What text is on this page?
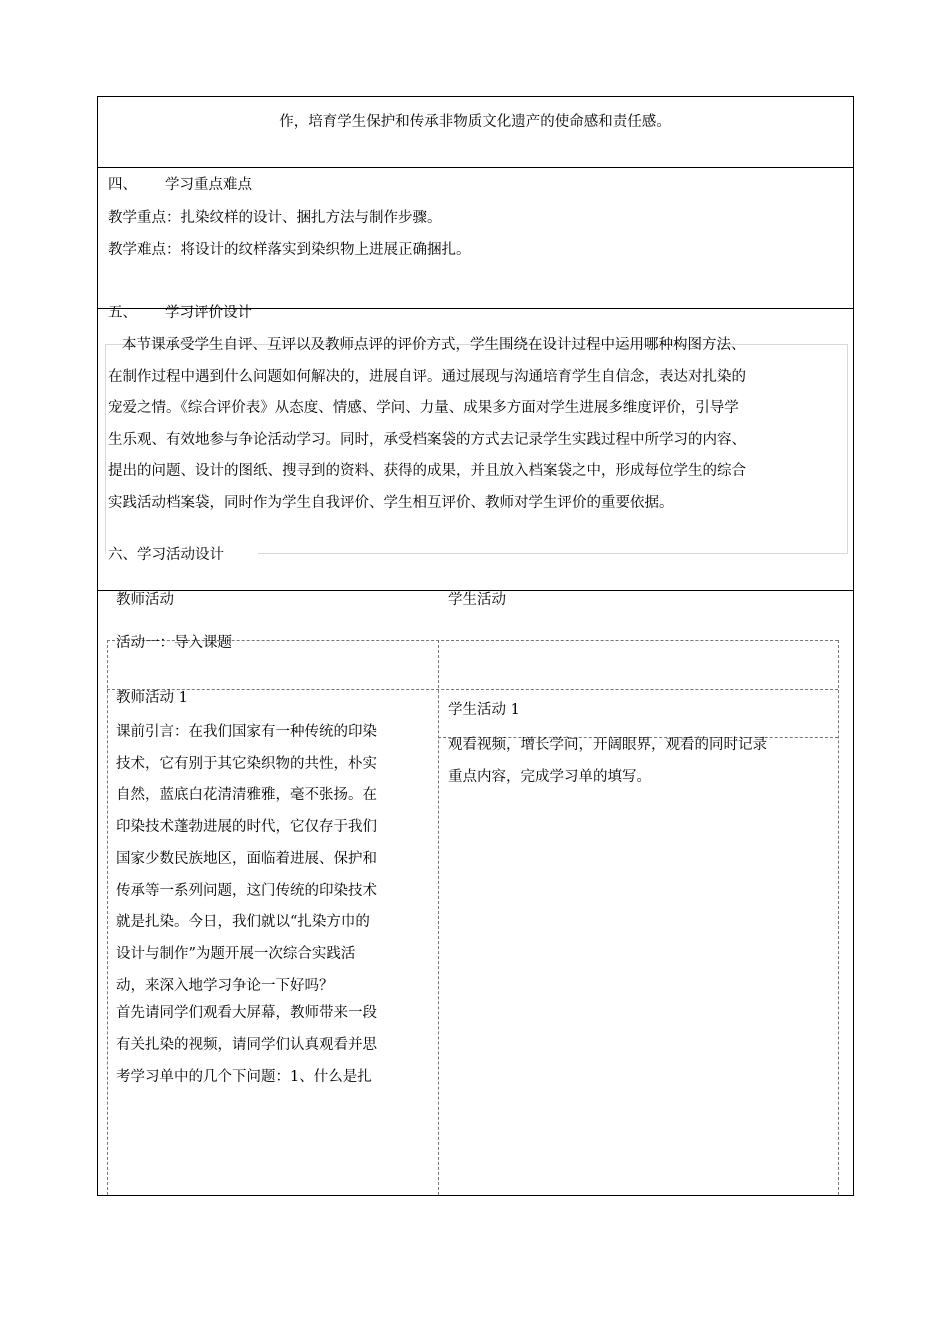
作，培育学生保护和传承非物质文化遗产的使命感和责任感。
四、 学习重点难点
教学重点：扎染纹样的设计、捆扎方法与制作步骤。
教学难点：将设计的纹样落实到染织物上进展正确捆扎。
五、 学习评价设计

本节课承受学生自评、互评以及教师点评的评价方式，学生围绕在设计过程中运用哪种构图方法、

在制作过程中遇到什么问题如何解决的，进展自评。通过展现与沟通培育学生自信念，表达对扎染的

宠爱之情。《综合评价表》从态度、情感、学问、力量、成果多方面对学生进展多维度评价，引导学

生乐观、有效地参与争论活动学习。同时，承受档案袋的方式去记录学生实践过程中所学习的内容、

提出的问题、设计的图纸、搜寻到的资料、获得的成果，并且放入档案袋之中，形成每位学生的综合

实践活动档案袋，同时作为学生自我评价、学生相互评价、教师对学生评价的重要依据。

六、学习活动设计
教师活动	学生活动
活动一：导入课题
教师活动 1
学生活动 1

课前引言：在我们国家有一种传统的印染

技术，它有别于其它染织物的共性，朴实

自然，蓝底白花清清雅雅，毫不张扬。在

印染技术蓬勃进展的时代，它仅存于我们

国家少数民族地区，面临着进展、保护和

传承等一系列问题，这门传统的印染技术

就是扎染。今日，我们就以“扎染方巾的

设计与制作”为题开展一次综合实践活

动，来深入地学习争论一下好吗？

首先请同学们观看大屏幕，教师带来一段

有关扎染的视频，请同学们认真观看并思

考学习单中的几个下问题：1、什么是扎

观看视频，增长学问，开阔眼界，观看的同时记录

重点内容，完成学习单的填写。
